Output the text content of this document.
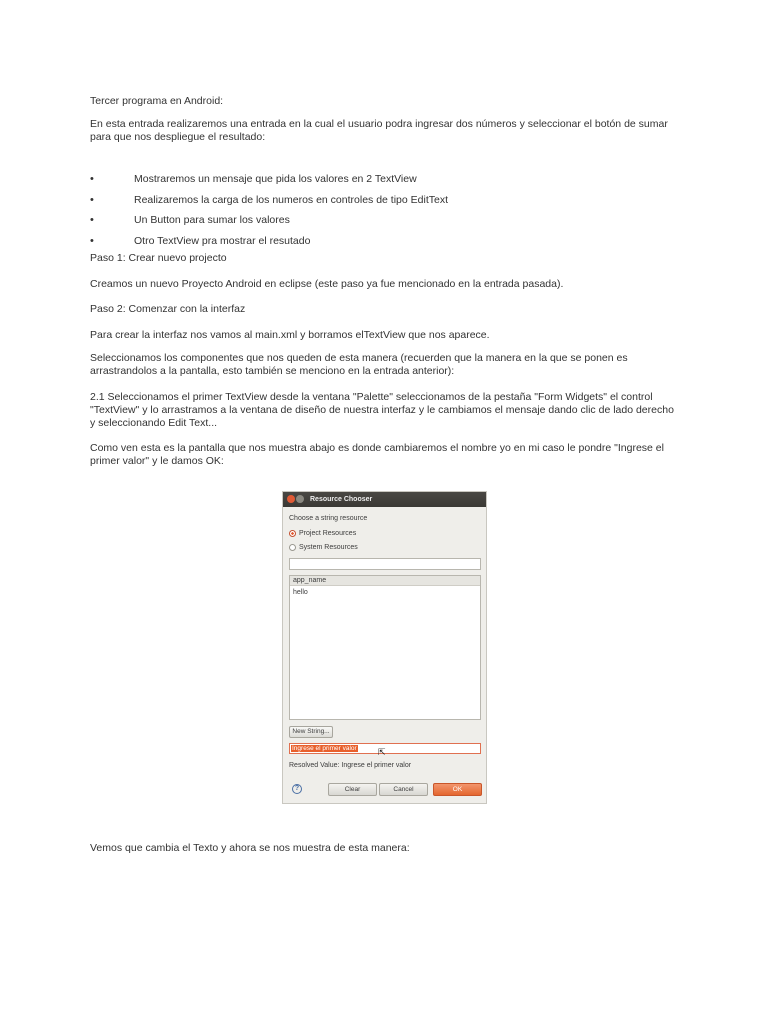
Tercer programa en Android:
En esta entrada realizaremos una entrada en la cual el usuario podra ingresar dos números y seleccionar el botón de sumar para que nos despliegue el resultado:
•	Mostraremos un mensaje que pida los valores en 2 TextView
•	Realizaremos la carga de los numeros en controles de tipo EditText
•	Un Button para sumar los valores
•	Otro TextView pra mostrar el resutado
Paso 1: Crear nuevo projecto
Creamos un nuevo Proyecto Android en eclipse (este paso ya fue mencionado en la entrada pasada).
Paso 2: Comenzar con la interfaz
Para crear la interfaz nos vamos al main.xml y borramos elTextView que nos aparece.
Seleccionamos los componentes que nos queden de esta manera (recuerden que la manera en la que se ponen es arrastrandolos a la pantalla, esto también se menciono en la entrada anterior):
2.1 Seleccionamos el primer TextView desde la ventana "Palette" seleccionamos de la pestaña "Form Widgets" el control "TextView" y lo arrastramos a la ventana de diseño de nuestra interfaz y le cambiamos el mensaje dando clic de lado derecho y seleccionando Edit Text...
Como ven esta es la pantalla que nos muestra abajo es donde cambiaremos el nombre yo en mi caso le pondre "Ingrese el primer valor" y le damos OK:
Resource Chooser
Choose a string resource
Project Resources
System Resources
app_name
hello
New String...
Ingrese el primer valor ⇱
Resolved Value: Ingrese el primer valor
?	Clear	Cancel	OK
Vemos que cambia el Texto y ahora se nos muestra de esta manera:
